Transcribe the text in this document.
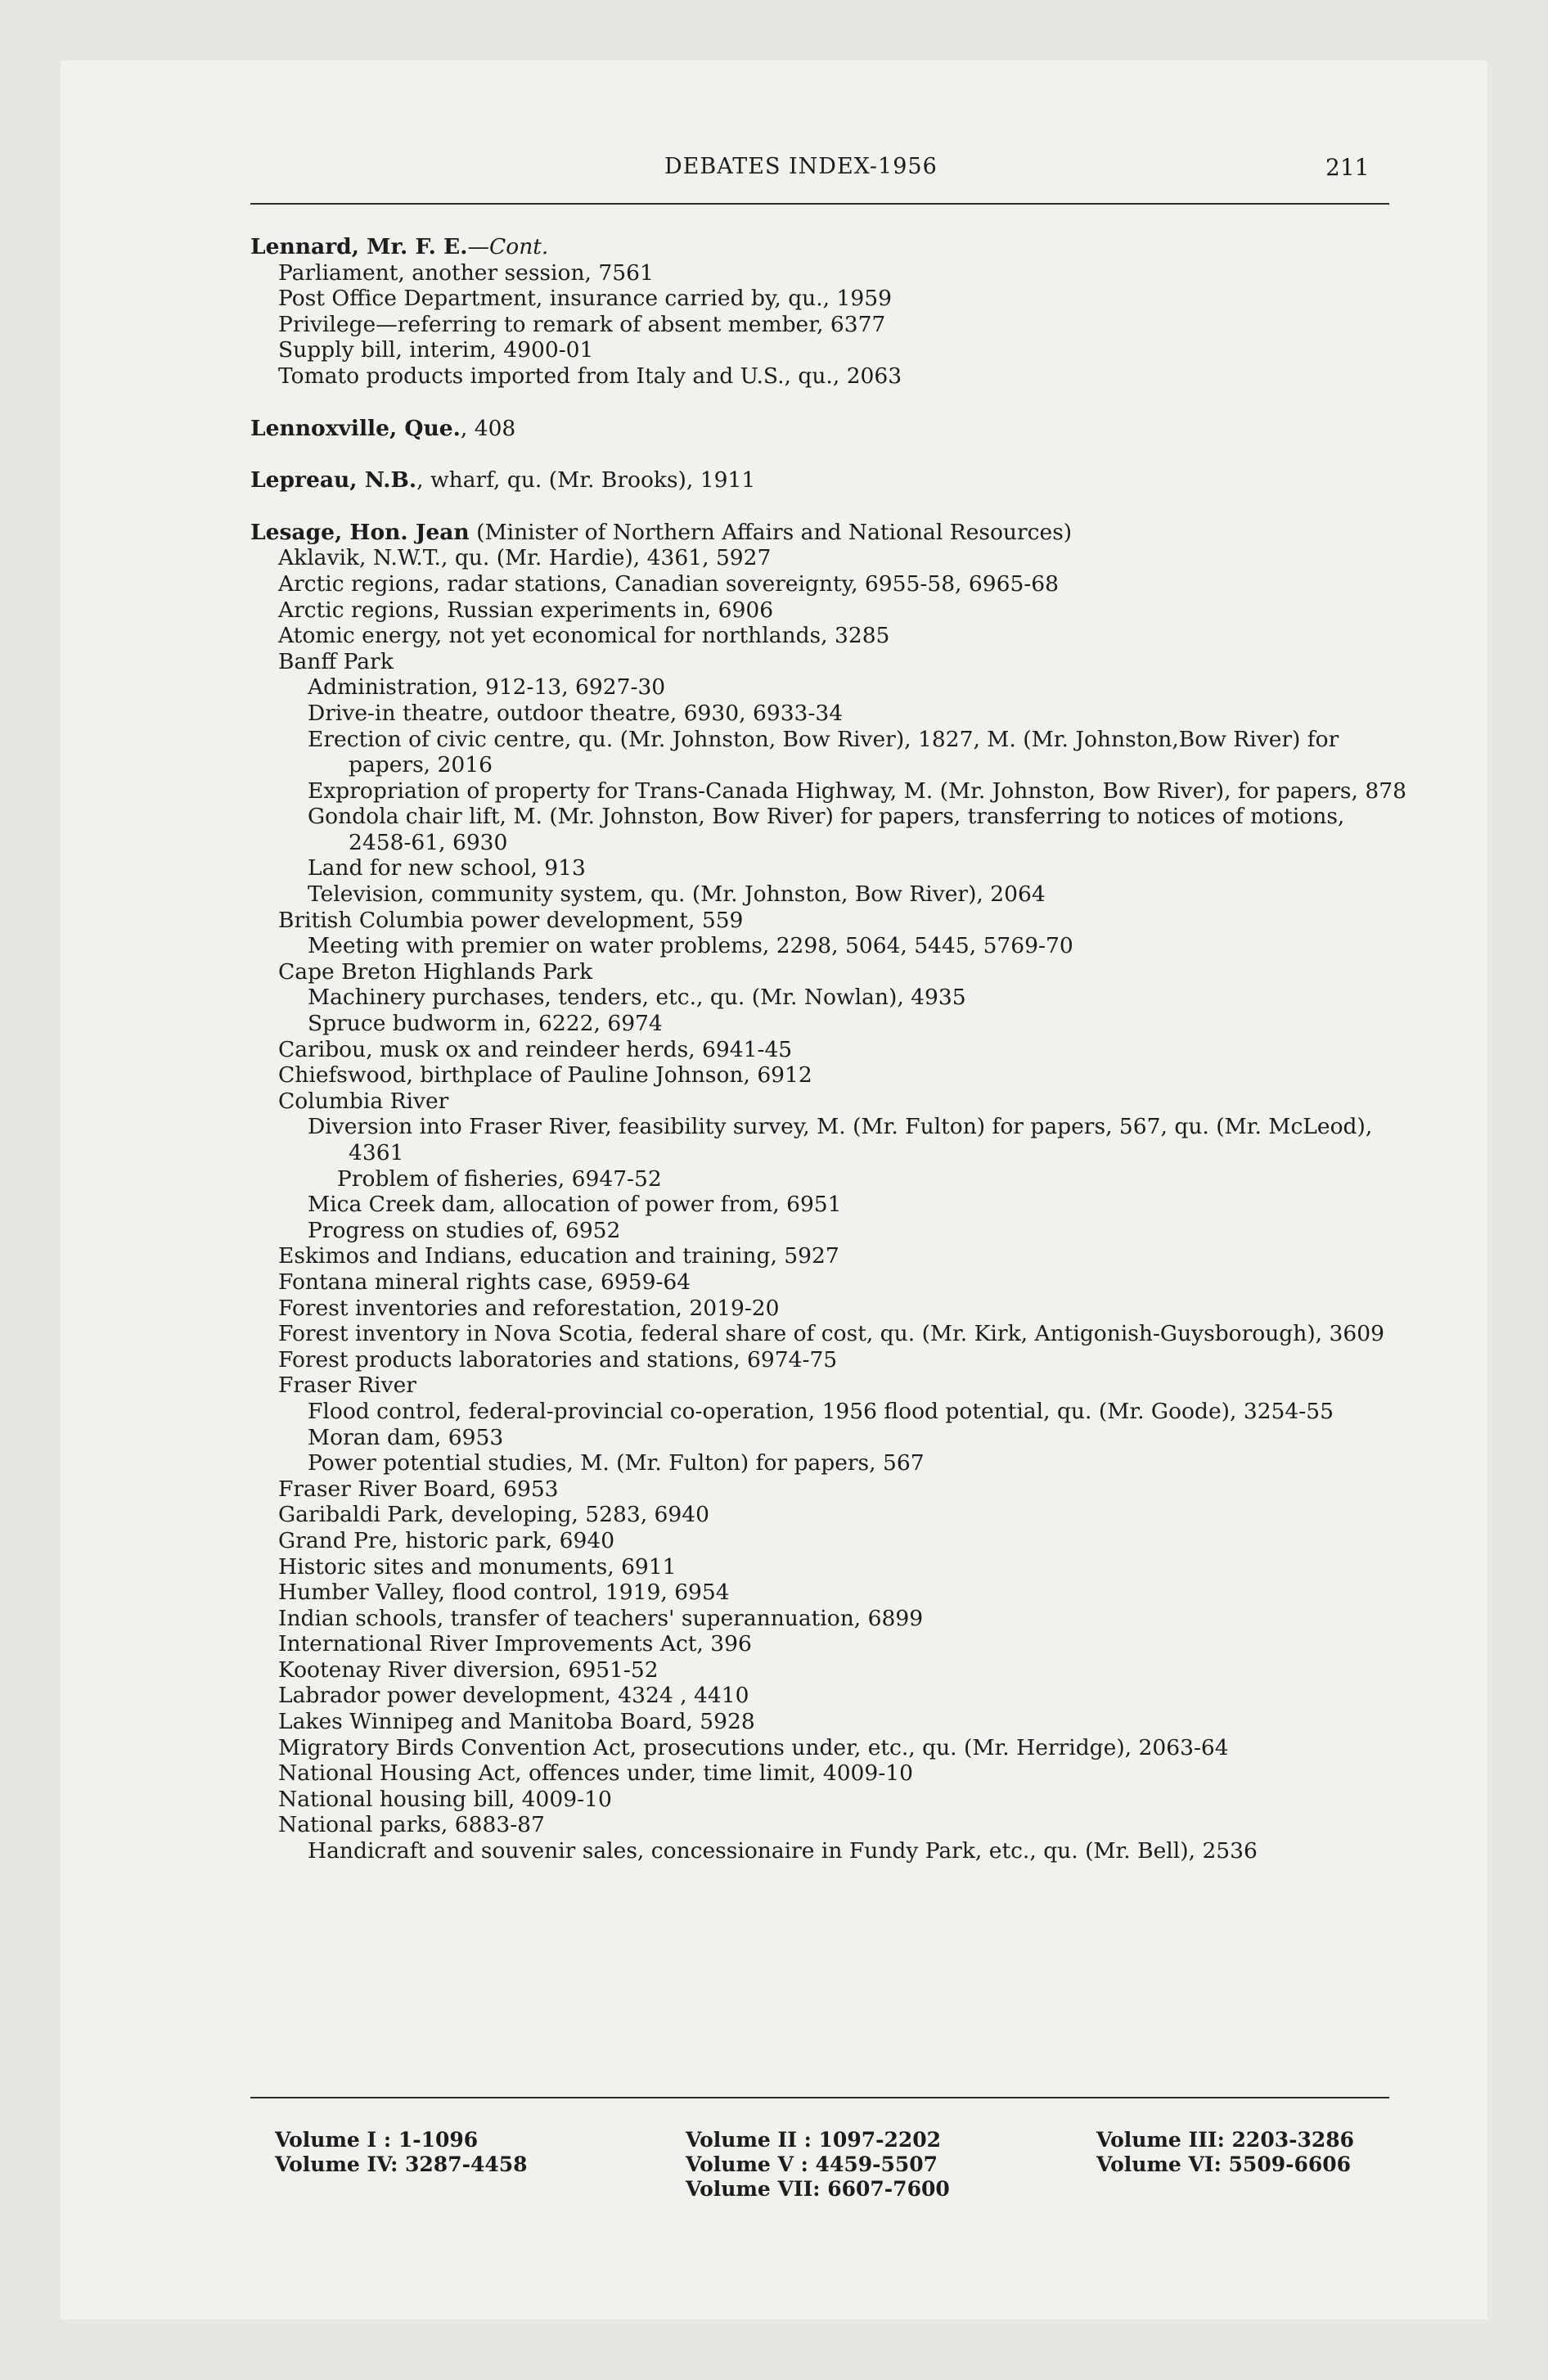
DEBATES INDEX-1956	211
Lennard, Mr. F. E.—Cont.
Parliament, another session, 7561
Post Office Department, insurance carried by, qu., 1959
Privilege—referring to remark of absent member, 6377
Supply bill, interim, 4900-01
Tomato products imported from Italy and U.S., qu., 2063
Lennoxville, Que., 408
Lepreau, N.B., wharf, qu. (Mr. Brooks), 1911
Lesage, Hon. Jean (Minister of Northern Affairs and National Resources)
Aklavik, N.W.T., qu. (Mr. Hardie), 4361, 5927
Arctic regions, radar stations, Canadian sovereignty, 6955-58, 6965-68
Arctic regions, Russian experiments in, 6906
Atomic energy, not yet economical for northlands, 3285
Banff Park
Administration, 912-13, 6927-30
Drive-in theatre, outdoor theatre, 6930, 6933-34
Erection of civic centre, qu. (Mr. Johnston, Bow River), 1827, M. (Mr. Johnston,Bow River) for papers, 2016
Expropriation of property for Trans-Canada Highway, M. (Mr. Johnston, Bow River), for papers, 878
Gondola chair lift, M. (Mr. Johnston, Bow River) for papers, transferring to notices of motions, 2458-61, 6930
Land for new school, 913
Television, community system, qu. (Mr. Johnston, Bow River), 2064
British Columbia power development, 559
Meeting with premier on water problems, 2298, 5064, 5445, 5769-70
Cape Breton Highlands Park
Machinery purchases, tenders, etc., qu. (Mr. Nowlan), 4935
Spruce budworm in, 6222, 6974
Caribou, musk ox and reindeer herds, 6941-45
Chiefswood, birthplace of Pauline Johnson, 6912
Columbia River
Diversion into Fraser River, feasibility survey, M. (Mr. Fulton) for papers, 567, qu. (Mr. McLeod), 4361
Problem of fisheries, 6947-52
Mica Creek dam, allocation of power from, 6951
Progress on studies of, 6952
Eskimos and Indians, education and training, 5927
Fontana mineral rights case, 6959-64
Forest inventories and reforestation, 2019-20
Forest inventory in Nova Scotia, federal share of cost, qu. (Mr. Kirk, Antigonish-Guysborough), 3609
Forest products laboratories and stations, 6974-75
Fraser River
Flood control, federal-provincial co-operation, 1956 flood potential, qu. (Mr. Goode), 3254-55
Moran dam, 6953
Power potential studies, M. (Mr. Fulton) for papers, 567
Fraser River Board, 6953
Garibaldi Park, developing, 5283, 6940
Grand Pre, historic park, 6940
Historic sites and monuments, 6911
Humber Valley, flood control, 1919, 6954
Indian schools, transfer of teachers' superannuation, 6899
International River Improvements Act, 396
Kootenay River diversion, 6951-52
Labrador power development, 4324 , 4410
Lakes Winnipeg and Manitoba Board, 5928
Migratory Birds Convention Act, prosecutions under, etc., qu. (Mr. Herridge), 2063-64
National Housing Act, offences under, time limit, 4009-10
National housing bill, 4009-10
National parks, 6883-87
Handicraft and souvenir sales, concessionaire in Fundy Park, etc., qu. (Mr. Bell), 2536
Volume I : 1-1096
Volume IV: 3287-4458
Volume II : 1097-2202
Volume V : 4459-5507
Volume VII: 6607-7600
Volume III: 2203-3286
Volume VI: 5509-6606
